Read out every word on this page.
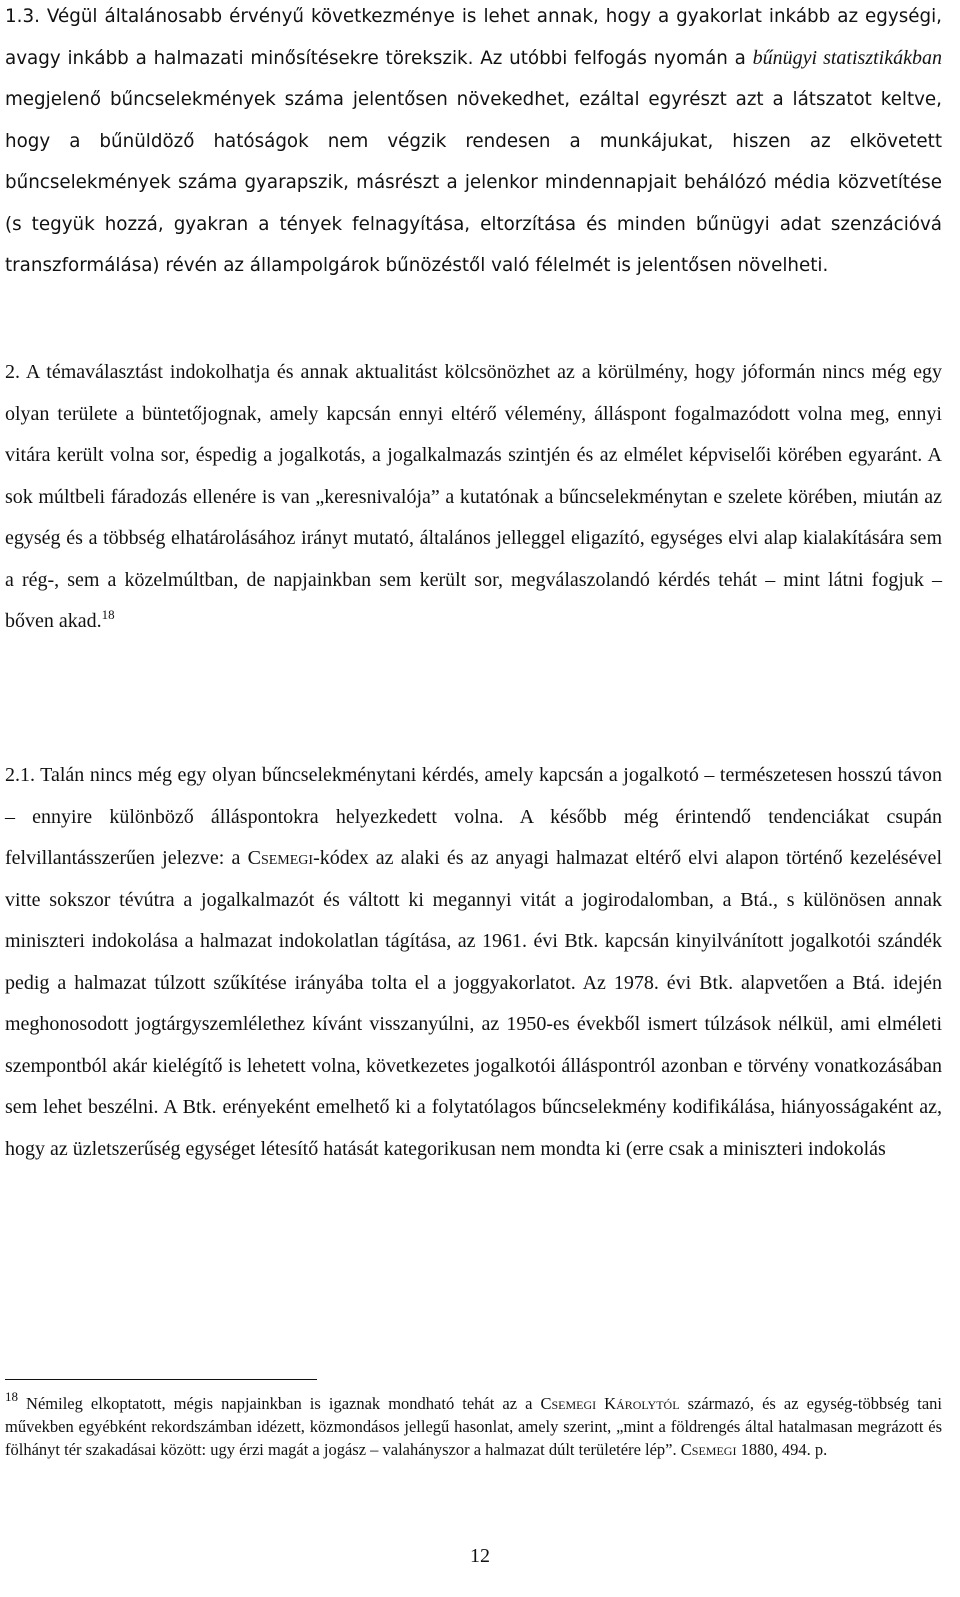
1.3. Végül általánosabb érvényű következménye is lehet annak, hogy a gyakorlat inkább az egységi, avagy inkább a halmazati minősítésekre törekszik. Az utóbbi felfogás nyomán a bűnügyi statisztikákban megjelenő bűncselekmények száma jelentősen növekedhet, ezáltal egyrészt azt a látszatot keltve, hogy a bűnüldöző hatóságok nem végzik rendesen a munkájukat, hiszen az elkövetett bűncselekmények száma gyarapszik, másrészt a jelenkor mindennapjait behálózó média közvetítése (s tegyük hozzá, gyakran a tények felnagyítása, eltorzítása és minden bűnügyi adat szenzációvá transzformálása) révén az állampolgárok bűnözéstől való félelmét is jelentősen növelheti.

2. A témaválasztást indokolhatja és annak aktualitást kölcsönözhet az a körülmény, hogy jóformán nincs még egy olyan területe a büntetőjognak, amely kapcsán ennyi eltérő vélemény, álláspont fogalmazódott volna meg, ennyi vitára került volna sor, éspedig a jogalkotás, a jogalkalmazás szintjén és az elmélet képviselői körében egyaránt. A sok múltbeli fáradozás ellenére is van „keresnivalója” a kutatónak a bűncselekménytan e szelete körében, miután az egység és a többség elhatárolásához irányt mutató, általános jelleggel eligazító, egységes elvi alap kialakítására sem a rég-, sem a közelmúltban, de napjainkban sem került sor, megválaszolandó kérdés tehát – mint látni fogjuk – bőven akad.$^{18}$

2.1. Talán nincs még egy olyan bűncselekménytani kérdés, amely kapcsán a jogalkotó – természetesen hosszú távon – ennyire különböző álláspontokra helyezkedett volna. A később még érintendő tendenciákat csupán felvillantásszerűen jelezve: a Csemegi-kódex az alaki és az anyagi halmazat eltérő elvi alapon történő kezelésével vitte sokszor tévútra a jogalkalmazót és váltott ki megannyi vitát a jogirodalomban, a Btá., s különösen annak miniszteri indokolása a halmazat indokolatlan tágítása, az 1961. évi Btk. kapcsán kinyilvánított jogalkotói szándék pedig a halmazat túlzott szűkítése irányába tolta el a joggyakorlatot. Az 1978. évi Btk. alapvetően a Btá. idején meghonosodott jogtárgyszemlélethez kívánt visszanyúlni, az 1950-es évekből ismert túlzások nélkül, ami elméleti szempontból akár kielégítő is lehetett volna, következetes jogalkotói álláspontról azonban e törvény vonatkozásában sem lehet beszélni. A Btk. erényeként emelhető ki a folytatólagos bűncselekmény kodifikálása, hiányosságaként az, hogy az üzletszerűség egységet létesítő hatását kategorikusan nem mondta ki (erre csak a miniszteri indokolás

$^{18}$ Némileg elkoptatott, mégis napjainkban is igaznak mondható tehát az a Csemegi Károlytól származó, és az egység-többség tani művekben egyébként rekordszámban idézett, közmondásos jellegű hasonlat, amely szerint, „mint a földrengés által hatalmasan megrázott és fölhányt tér szakadásai között: ugy érzi magát a jogász – valahányszor a halmazat dúlt területére lép”. Csemegi 1880, 494. p.

12
